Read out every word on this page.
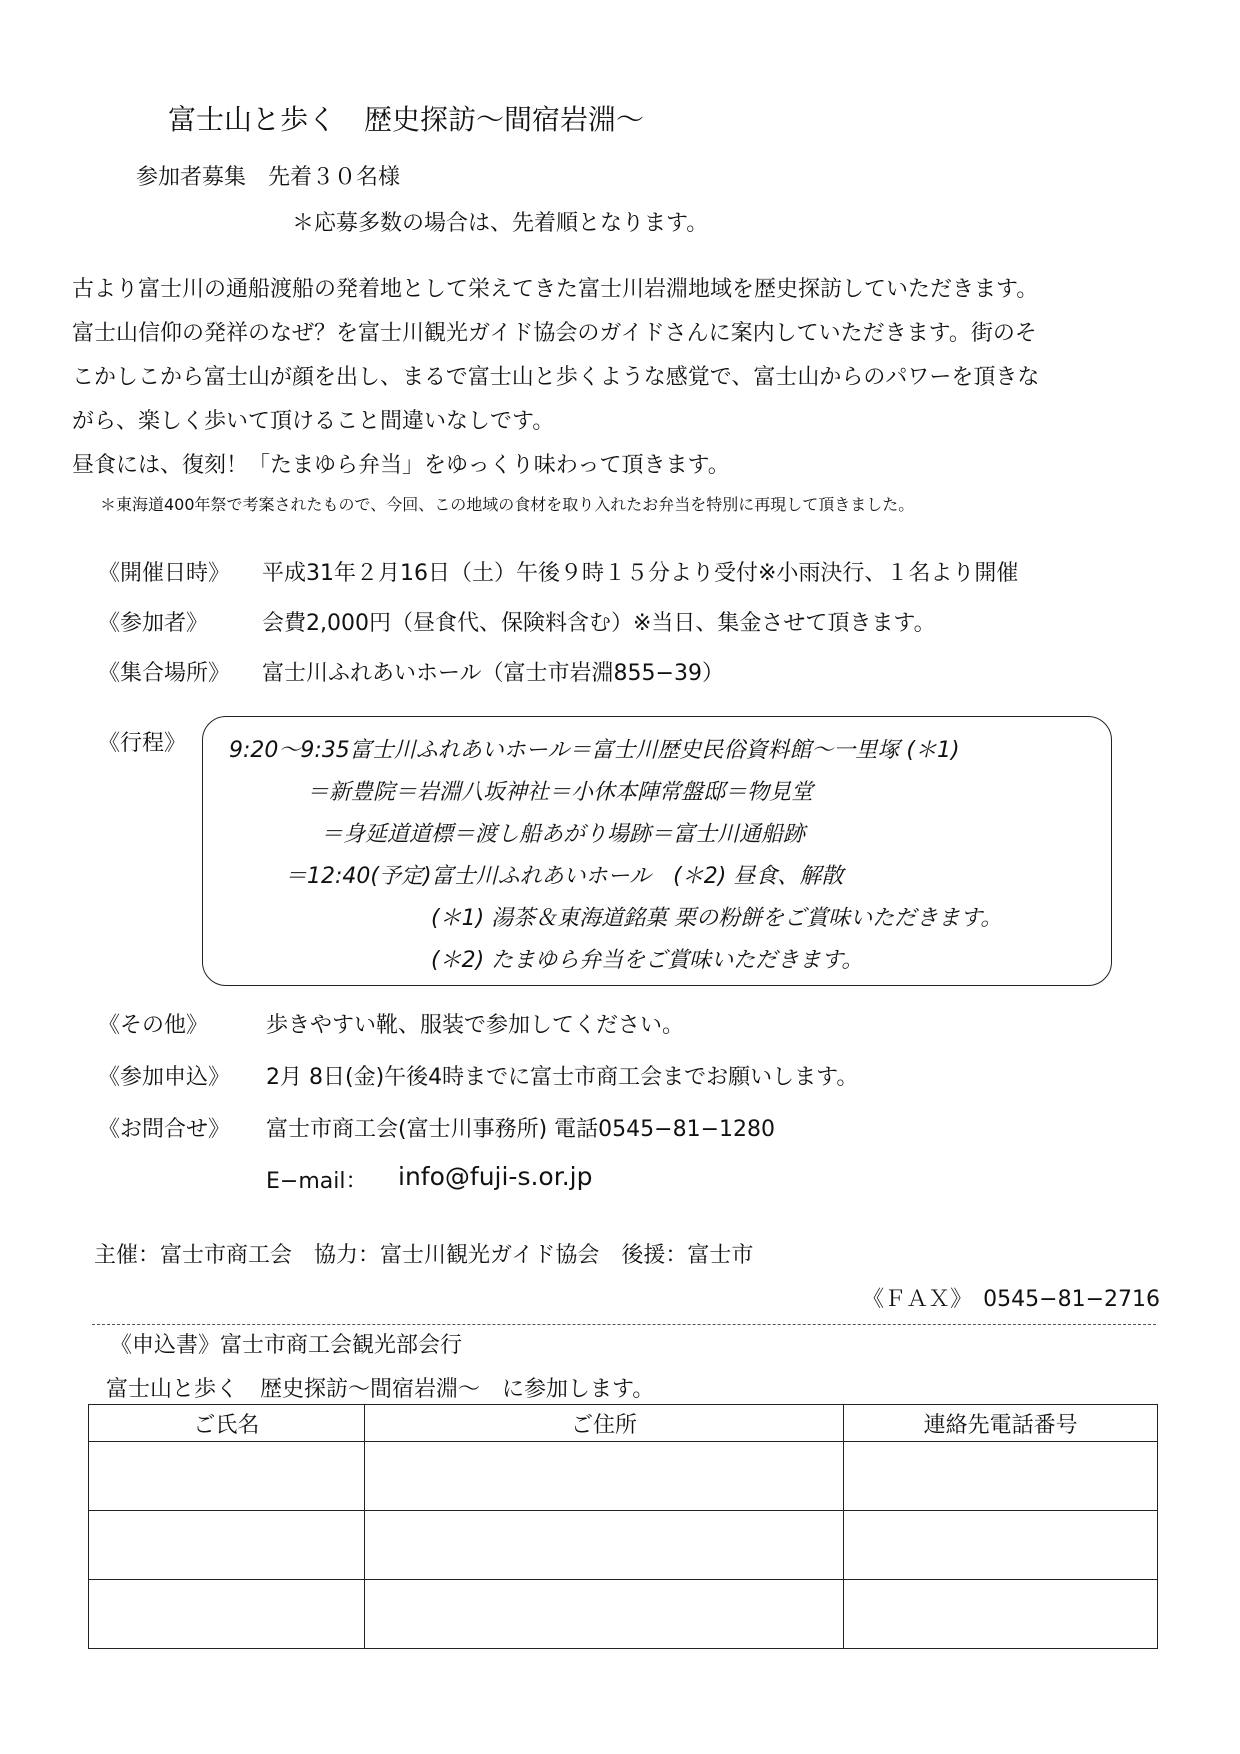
富士山と歩く　歴史探訪～間宿岩淵～
参加者募集　先着３０名様
＊応募多数の場合は、先着順となります。
古より富士川の通船渡船の発着地として栄えてきた富士川岩淵地域を歴史探訪していただきます。
富士山信仰の発祥のなぜ？を富士川観光ガイド協会のガイドさんに案内していただきます。街のそ
こかしこから富士山が顔を出し、まるで富士山と歩くような感覚で、富士山からのパワーを頂きな
がら、楽しく歩いて頂けること間違いなしです。
昼食には、復刻！「たまゆら弁当」をゆっくり味わって頂きます。
＊東海道400年祭で考案されたもので、今回、この地域の食材を取り入れたお弁当を特別に再現して頂きました。
《開催日時》 平成31年２月16日（土）午後９時１５分より受付※小雨決行、１名より開催
《参加者》 会費2,000円（昼食代、保険料含む）※当日、集金させて頂きます。
《集合場所》 富士川ふれあいホール（富士市岩淵855−39）
《行程》 9:20～9:35富士川ふれあいホール＝富士川歴史民俗資料館～一里塚 (＊1)
＝新豊院＝岩淵八坂神社＝小休本陣常盤邸＝物見堂
＝身延道道標＝渡し船あがり場跡＝富士川通船跡
＝12:40(予定)富士川ふれあいホール　(＊2) 昼食、解散
(＊1) 湯茶＆東海道銘菓 栗の粉餅をご賞味いただきます。
(＊2) たまゆら弁当をご賞味いただきます。
《その他》	歩きやすい靴、服装で参加してください。
《参加申込》 2月 8日(金)午後4時までに富士市商工会までお願いします。
《お問合せ》 富士市商工会(富士川事務所) 電話0545−81−1280
E−mail： info@fuji-s.or.jp
主催：富士市商工会　協力：富士川観光ガイド協会　後援：富士市
《ＦＡＸ》　0545−81−2716
《申込書》富士市商工会観光部会行
富士山と歩く　歴史探訪～間宿岩淵～　に参加します。
ご氏名	ご住所	連絡先電話番号
